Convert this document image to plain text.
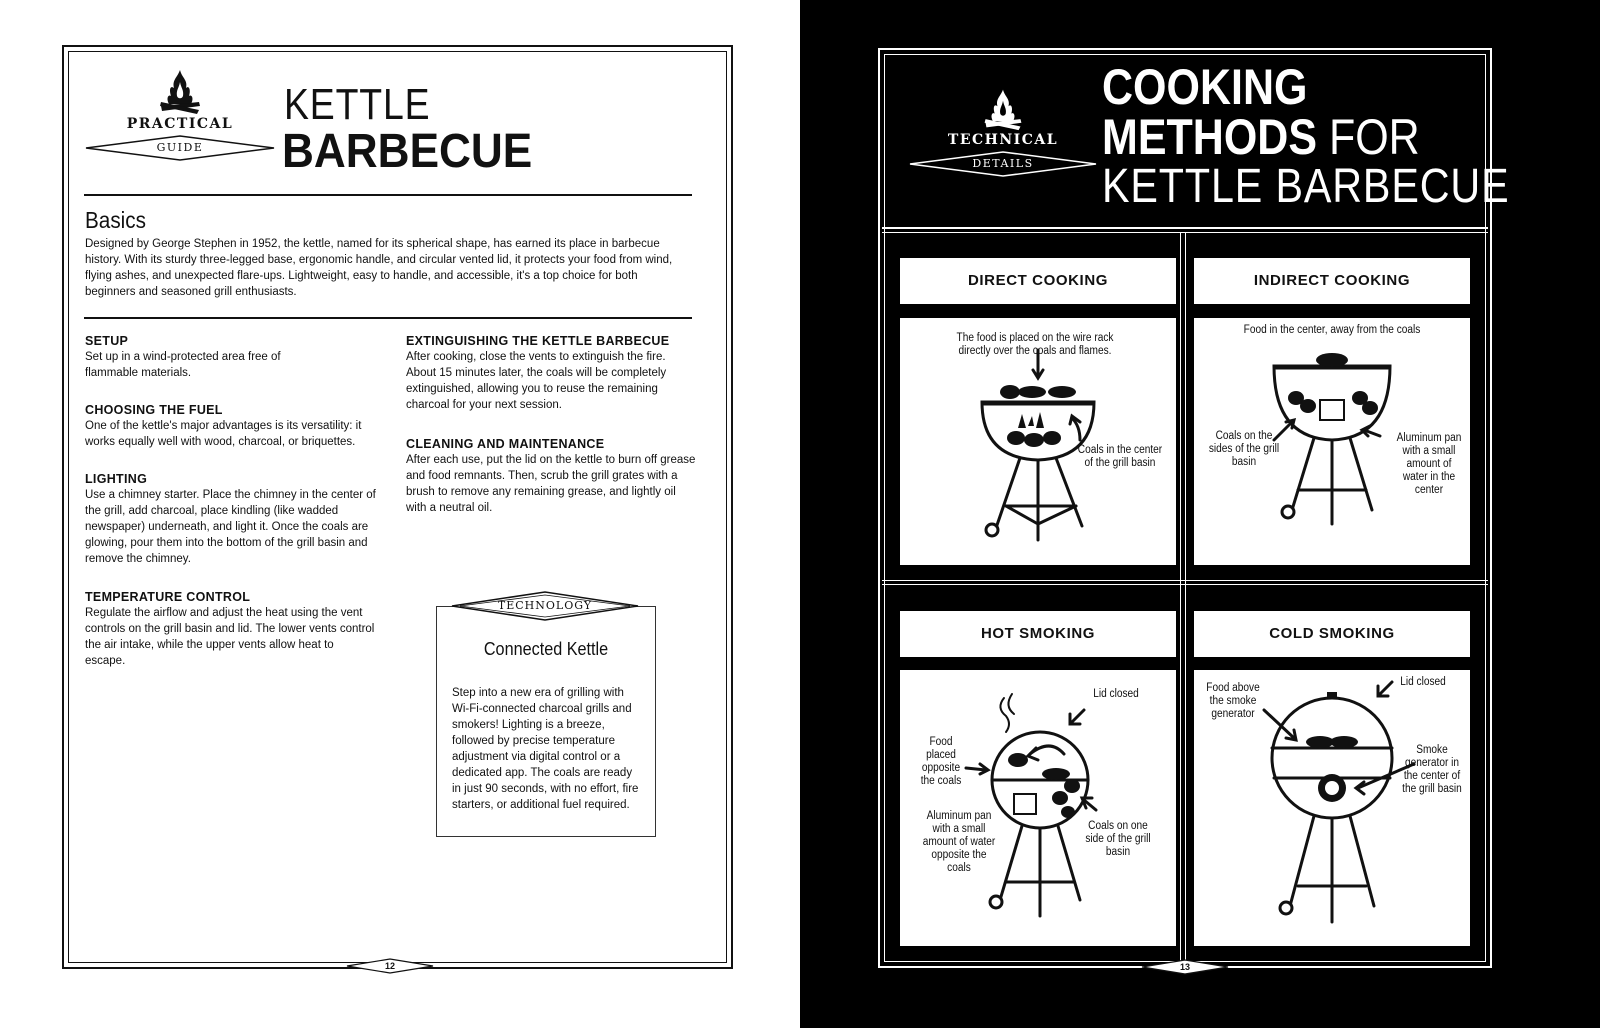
PRACTICAL
GUIDE
KETTLE
BARBECUE
Basics
Designed by George Stephen in 1952, the kettle, named for its spherical shape, has earned its place in barbecue history. With its sturdy three-legged base, ergonomic handle, and circular vented lid, it protects your food from wind, flying ashes, and unexpected flare-ups. Lightweight, easy to handle, and accessible, it's a top choice for both beginners and seasoned grill enthusiasts.
SETUP

Set up in a wind-protected area free of flammable materials.

CHOOSING THE FUEL

One of the kettle's major advantages is its versatility: it works equally well with wood, charcoal, or briquettes.

LIGHTING

Use a chimney starter. Place the chimney in the center of the grill, add charcoal, place kindling (like wadded newspaper) underneath, and light it. Once the coals are glowing, pour them into the bottom of the grill basin and remove the chimney.

TEMPERATURE CONTROL

Regulate the airflow and adjust the heat using the vent controls on the grill basin and lid. The lower vents control the air intake, while the upper vents allow heat to escape.

EXTINGUISHING THE KETTLE BARBECUE

After cooking, close the vents to extinguish the fire. About 15 minutes later, the coals will be completely extinguished, allowing you to reuse the remaining charcoal for your next session.

CLEANING AND MAINTENANCE

After each use, put the lid on the kettle to burn off grease and food remnants. Then, scrub the grill grates with a brush to remove any remaining grease, and lightly oil with a neutral oil.

Connected Kettle
Step into a new era of grilling with Wi-Fi-connected charcoal grills and smokers! Lighting is a breeze, followed by precise temperature adjustment via digital control or a dedicated app. The coals are ready in just 90 seconds, with no effort, fire starters, or additional fuel required.
TECHNOLOGY
12
TECHNICAL
DETAILS
COOKING
METHODS FOR
KETTLE BARBECUE
DIRECT COOKING
The food is placed on the wire rack directly over the coals and flames.
Coals in the center of the grill basin
INDIRECT COOKING
Food in the center, away from the coals
Coals on the sides of the grill basin
Aluminum pan with a small amount of water in the center
HOT SMOKING
Lid closed
Food placed opposite the coals
Aluminum pan with a small amount of water opposite the coals
Coals on one side of the grill basin
COLD SMOKING
Lid closed
Food above the smoke generator
Smoke generator in the center of the grill basin
13
